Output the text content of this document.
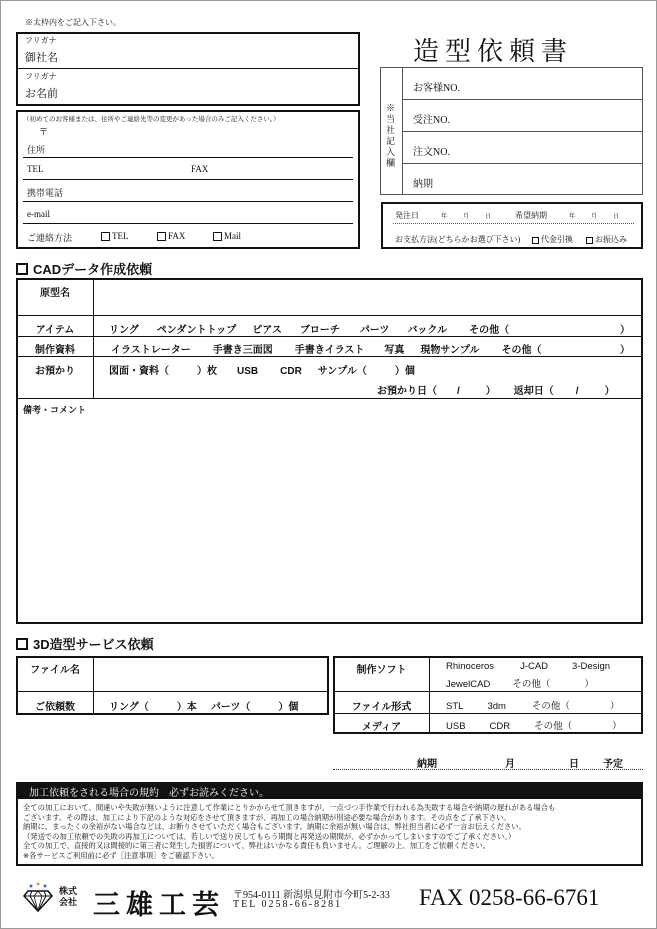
※太枠内をご記入下さい。
造型依頼書
フリガナ
御社名
フリガナ
お名前
（初めてのお客様または、住所やご連絡先等の変更があった場合のみご記入ください。）
〒
住所
TEL	FAX
携帯電話
e-mail
ご連絡方法	TEL	FAX	Mail
※当社記入欄
お客様NO.
受注NO.
注文NO.
納期
発注日	年	月	日	希望納期	年	月	日
お支払方法(どちらかお選び下さい)	代金引換	お振込み
CADデータ作成依頼
原型名
アイテム	リング ペンダントトップ ピアス ブローチ パーツ バックル その他（	）
制作資料	イラストレーター 手書き三面図 手書きイラスト 写真 現物サンプル その他（	）
お預かり	図面・資料（	）枚 USB CDR サンプル（	）個
お預かり日（ /	） 返却日（ /	）
備考・コメント
3D造型サービス依頼
ファイル名
ご依頼数	リング（	）本 パーツ（	）個
制作ソフト	Rhinoceros	J-CAD	3-Design
JewelCAD その他（	）
ファイル形式	STL	3dm	その他（	）
メディア	USB	CDR	その他（	）
納期	月	日 予定
加工依頼をされる場合の規約　必ずお読みください。
全ての加工において、間違いや失敗が無いように注意して作業にとりかからせて頂きますが、一点づつ手作業で行われる為失敗する場合や納期の遅れがある場合も
ございます。その際は、加工により下記のような対応をさせて頂きますが、再加工の場合納期が別途必要な場合があります。その点をご了承下さい。
納期に、まったくの余裕がない場合などは、お断りさせていただく場合もございます。納期に余裕が無い場合は、弊社担当者に必ず一言お伝えください。
（発送での加工依頼での失敗の再加工については、若しいで送り戻してもらう期間と再発送の期間が、必ずかかってしまいますのでご了承ください。）
全ての加工で、直接的又は間接的に第三者に発生した損害について、弊社はいかなる責任も負いません。ご理解の上、加工をご依頼ください。
※各サービスご利用前に必ず［注意事項］をご確認下さい。
株式
会社 三雄工芸 〒954-0111 新潟県見附市今町5-2-33
TEL 0258-66-8281	FAX 0258-66-6761
